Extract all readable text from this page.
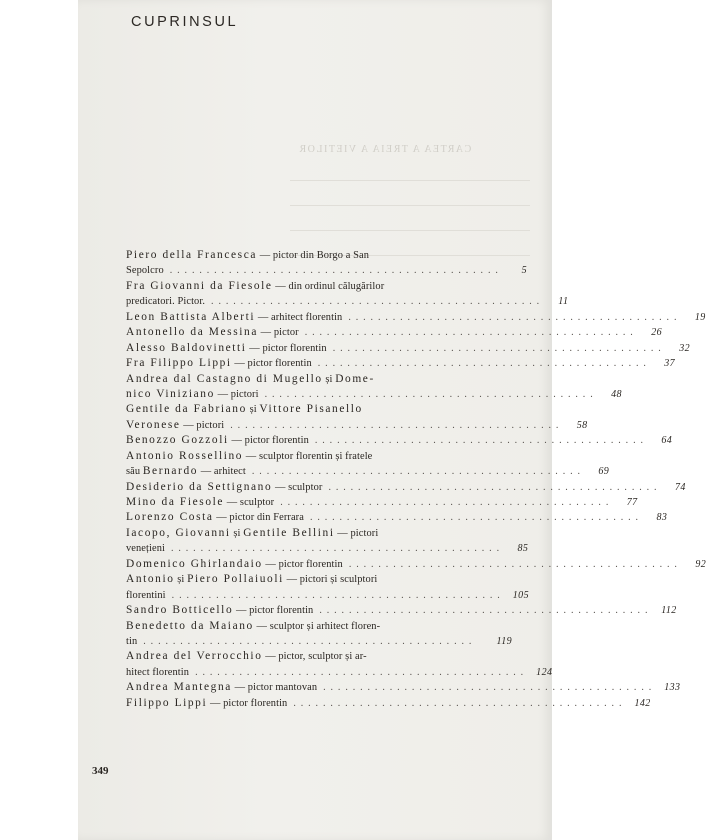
CUPRINSUL
CARTEA A TREIA A VIETILOR
349
Piero della Francesca — pictor din Borgo a San
Sepolcro . . . . . . . . . . . . . . . . . . . . . . . . . . . . . . . . . . . . . . . . . . . . .	5
Fra Giovanni da Fiesole — din ordinul călugărilor
predicatori. Pictor. . . . . . . . . . . . . . . . . . . . . . . . . . . . . . . . . . . . . . . . . . . . . .	11
Leon Battista Alberti — arhitect florentin . . . . . . . . . . . . . . . . . . . . . . . . . . . . . . . . . . . . . . . . . . . . .	19
Antonello da Messina — pictor . . . . . . . . . . . . . . . . . . . . . . . . . . . . . . . . . . . . . . . . . . . . .	26
Alesso Baldovinetti — pictor florentin . . . . . . . . . . . . . . . . . . . . . . . . . . . . . . . . . . . . . . . . . . . . .	32
Fra Filippo Lippi — pictor florentin . . . . . . . . . . . . . . . . . . . . . . . . . . . . . . . . . . . . . . . . . . . . .	37
Andrea dal Castagno di Mugello și Dome-
nico Viniziano — pictori . . . . . . . . . . . . . . . . . . . . . . . . . . . . . . . . . . . . . . . . . . . . .	48
Gentile da Fabriano și Vittore Pisanello
Veronese — pictori . . . . . . . . . . . . . . . . . . . . . . . . . . . . . . . . . . . . . . . . . . . . .	58
Benozzo Gozzoli — pictor florentin . . . . . . . . . . . . . . . . . . . . . . . . . . . . . . . . . . . . . . . . . . . . .	64
Antonio Rossellino — sculptor florentin și fratele
său Bernardo — arhitect . . . . . . . . . . . . . . . . . . . . . . . . . . . . . . . . . . . . . . . . . . . . .	69
Desiderio da Settignano — sculptor . . . . . . . . . . . . . . . . . . . . . . . . . . . . . . . . . . . . . . . . . . . . .	74
Mino da Fiesole — sculptor . . . . . . . . . . . . . . . . . . . . . . . . . . . . . . . . . . . . . . . . . . . . .	77
Lorenzo Costa — pictor din Ferrara . . . . . . . . . . . . . . . . . . . . . . . . . . . . . . . . . . . . . . . . . . . . .	83
Iacopo, Giovanni și Gentile Bellini — pictori
venețieni . . . . . . . . . . . . . . . . . . . . . . . . . . . . . . . . . . . . . . . . . . . . .	85
Domenico Ghirlandaio — pictor florentin . . . . . . . . . . . . . . . . . . . . . . . . . . . . . . . . . . . . . . . . . . . . .	92
Antonio și Piero Pollaiuoli — pictori și sculptori
florentini . . . . . . . . . . . . . . . . . . . . . . . . . . . . . . . . . . . . . . . . . . . . .	105
Sandro Botticello — pictor florentin . . . . . . . . . . . . . . . . . . . . . . . . . . . . . . . . . . . . . . . . . . . . .	112
Benedetto da Maiano — sculptor și arhitect floren-
tin . . . . . . . . . . . . . . . . . . . . . . . . . . . . . . . . . . . . . . . . . . . . .	119
Andrea del Verrocchio — pictor, sculptor și ar-
hitect florentin . . . . . . . . . . . . . . . . . . . . . . . . . . . . . . . . . . . . . . . . . . . . .	124
Andrea Mantegna — pictor mantovan . . . . . . . . . . . . . . . . . . . . . . . . . . . . . . . . . . . . . . . . . . . . .	133
Filippo Lippi — pictor florentin . . . . . . . . . . . . . . . . . . . . . . . . . . . . . . . . . . . . . . . . . . . . .	142
